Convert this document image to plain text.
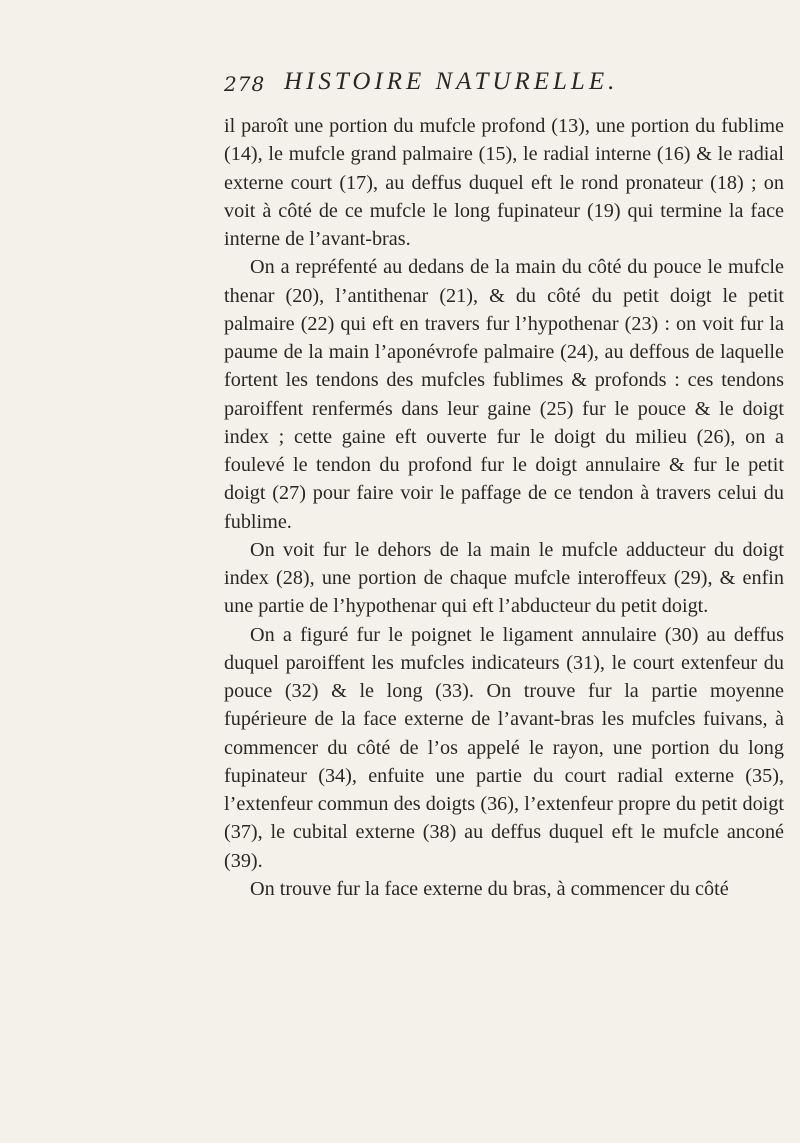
278 HISTOIRE NATURELLE.

il paroît une portion du mufcle profond (13), une portion du fublime (14), le mufcle grand palmaire (15), le radial interne (16) & le radial externe court (17), au deffus duquel eft le rond pronateur (18) ; on voit à côté de ce mufcle le long fupinateur (19) qui termine la face interne de l’avant-bras.

On a repréfenté au dedans de la main du côté du pouce le mufcle thenar (20), l’antithenar (21), & du côté du petit doigt le petit palmaire (22) qui eft en travers fur l’hypothenar (23) : on voit fur la paume de la main l’aponévrofe palmaire (24), au deffous de laquelle fortent les tendons des mufcles fublimes & profonds : ces tendons paroiffent renfermés dans leur gaine (25) fur le pouce & le doigt index ; cette gaine eft ouverte fur le doigt du milieu (26), on a foulevé le tendon du profond fur le doigt annulaire & fur le petit doigt (27) pour faire voir le paffage de ce tendon à travers celui du fublime.

On voit fur le dehors de la main le mufcle adducteur du doigt index (28), une portion de chaque mufcle interoffeux (29), & enfin une partie de l’hypothenar qui eft l’abducteur du petit doigt.

On a figuré fur le poignet le ligament annulaire (30) au deffus duquel paroiffent les mufcles indicateurs (31), le court extenfeur du pouce (32) & le long (33). On trouve fur la partie moyenne fupérieure de la face externe de l’avant-bras les mufcles fuivans, à commencer du côté de l’os appelé le rayon, une portion du long fupinateur (34), enfuite une partie du court radial externe (35), l’extenfeur commun des doigts (36), l’extenfeur propre du petit doigt (37), le cubital externe (38) au deffus duquel eft le mufcle anconé (39).

On trouve fur la face externe du bras, à commencer du côté
